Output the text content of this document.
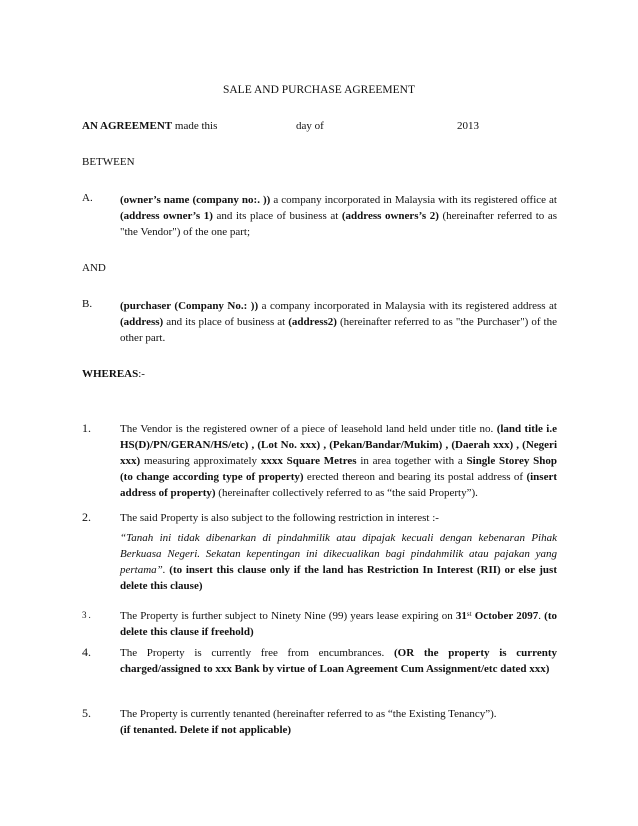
SALE AND PURCHASE AGREEMENT
AN AGREEMENT made this	day of	2013
BETWEEN
A. (owner’s name (company no:. )) a company incorporated in Malaysia with its registered office at (address owner’s 1) and its place of business at (address owners’s 2) (hereinafter referred to as "the Vendor") of the one part;
AND
B.	(purchaser (Company No.: )) a company incorporated in Malaysia with its registered address at (address) and its place of business at (address2) (hereinafter referred to as "the Purchaser") of the other part.
WHEREAS:-
1.	The Vendor is the registered owner of a piece of leasehold land held under title no. (land title i.e HS(D)/PN/GERAN/HS/etc) , (Lot No. xxx) , (Pekan/Bandar/Mukim) , (Daerah xxx) , (Negeri xxx) measuring approximately xxxx Square Metres in area together with a Single Storey Shop (to change according type of property) erected thereon and bearing its postal address of (insert address of property) (hereinafter collectively referred to as “the said Property”).
2.	The said Property is also subject to the following restriction in interest :-
“Tanah ini tidak dibenarkan di pindahmilik atau dipajak kecuali dengan kebenaran Pihak Berkuasa Negeri. Sekatan kepentingan ini dikecualikan bagi pindahmilik atau pajakan yang pertama”. (to insert this clause only if the land has Restriction In Interest (RII) or else just delete this clause)
3. The Property is further subject to Ninety Nine (99) years lease expiring on 31st October 2097. (to delete this clause if freehold)
4.	The Property is currently free from encumbrances. (OR the property is currenty charged/assigned to xxx Bank by virtue of Loan Agreement Cum Assignment/etc dated xxx)
5.	The Property is currently tenanted (hereinafter referred to as “the Existing Tenancy”).
(if tenanted. Delete if not applicable)
